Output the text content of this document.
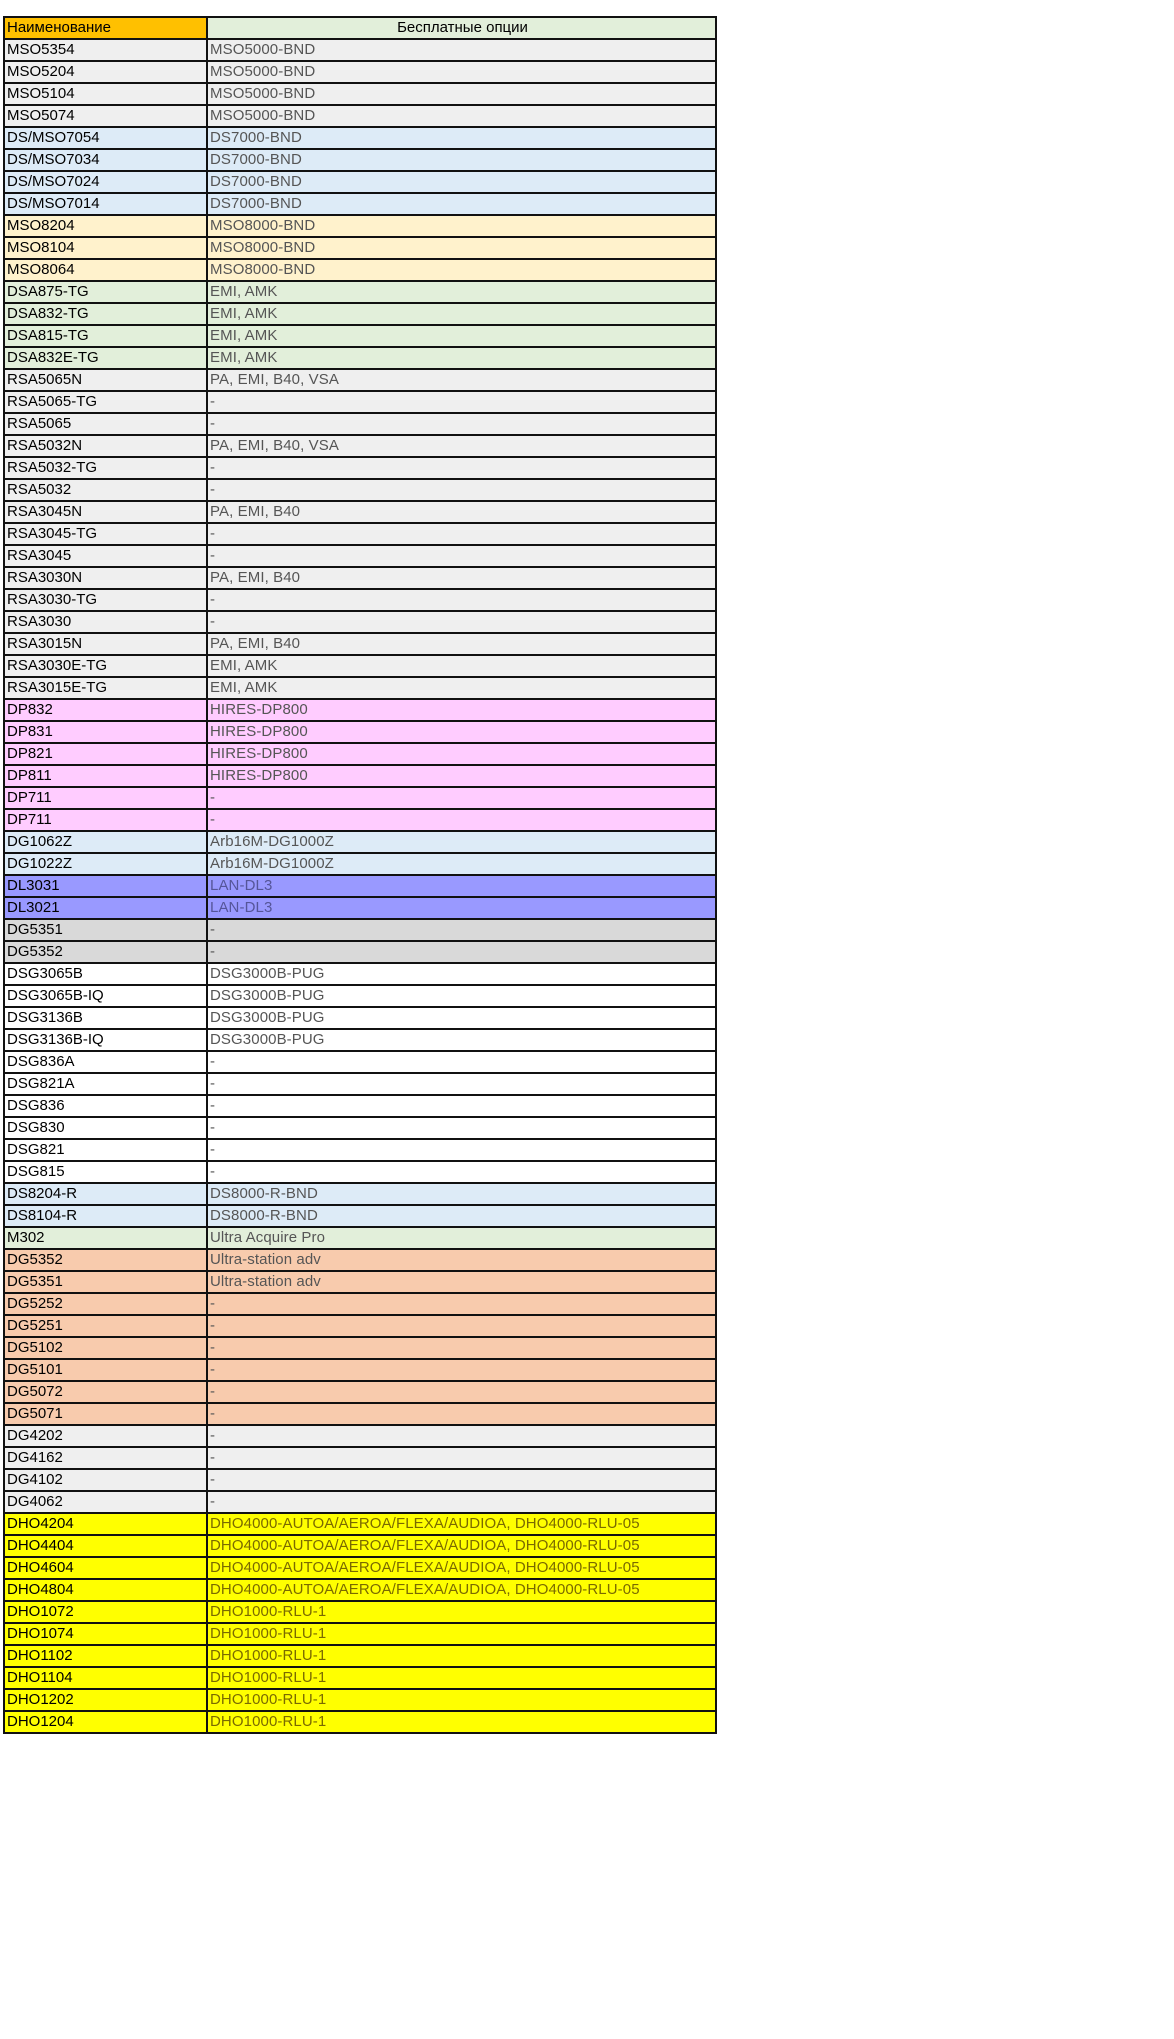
Наименование	Бесплатные опции
MSO5354	MSO5000-BND
MSO5204	MSO5000-BND
MSO5104	MSO5000-BND
MSO5074	MSO5000-BND
DS/MSO7054	DS7000-BND
DS/MSO7034	DS7000-BND
DS/MSO7024	DS7000-BND
DS/MSO7014	DS7000-BND
MSO8204	MSO8000-BND
MSO8104	MSO8000-BND
MSO8064	MSO8000-BND
DSA875-TG	EMI, AMK
DSA832-TG	EMI, AMK
DSA815-TG	EMI, AMK
DSA832E-TG	EMI, AMK
RSA5065N	PA, EMI, B40, VSA
RSA5065-TG	-
RSA5065	-
RSA5032N	PA, EMI, B40, VSA
RSA5032-TG	-
RSA5032	-
RSA3045N	PA, EMI, B40
RSA3045-TG	-
RSA3045	-
RSA3030N	PA, EMI, B40
RSA3030-TG	-
RSA3030	-
RSA3015N	PA, EMI, B40
RSA3030E-TG	EMI, AMK
RSA3015E-TG	EMI, AMK
DP832	HIRES-DP800
DP831	HIRES-DP800
DP821	HIRES-DP800
DP811	HIRES-DP800
DP711	-
DP711	-
DG1062Z	Arb16M-DG1000Z
DG1022Z	Arb16M-DG1000Z
DL3031	LAN-DL3
DL3021	LAN-DL3
DG5351	-
DG5352	-
DSG3065B	DSG3000B-PUG
DSG3065B-IQ	DSG3000B-PUG
DSG3136B	DSG3000B-PUG
DSG3136B-IQ	DSG3000B-PUG
DSG836A	-
DSG821A	-
DSG836	-
DSG830	-
DSG821	-
DSG815	-
DS8204-R	DS8000-R-BND
DS8104-R	DS8000-R-BND
M302	Ultra Acquire Pro
DG5352	Ultra-station adv
DG5351	Ultra-station adv
DG5252	-
DG5251	-
DG5102	-
DG5101	-
DG5072	-
DG5071	-
DG4202	-
DG4162	-
DG4102	-
DG4062	-
DHO4204	DHO4000-AUTOA/AEROA/FLEXA/AUDIOA, DHO4000-RLU-05
DHO4404	DHO4000-AUTOA/AEROA/FLEXA/AUDIOA, DHO4000-RLU-05
DHO4604	DHO4000-AUTOA/AEROA/FLEXA/AUDIOA, DHO4000-RLU-05
DHO4804	DHO4000-AUTOA/AEROA/FLEXA/AUDIOA, DHO4000-RLU-05
DHO1072	DHO1000-RLU-1
DHO1074	DHO1000-RLU-1
DHO1102	DHO1000-RLU-1
DHO1104	DHO1000-RLU-1
DHO1202	DHO1000-RLU-1
DHO1204	DHO1000-RLU-1
